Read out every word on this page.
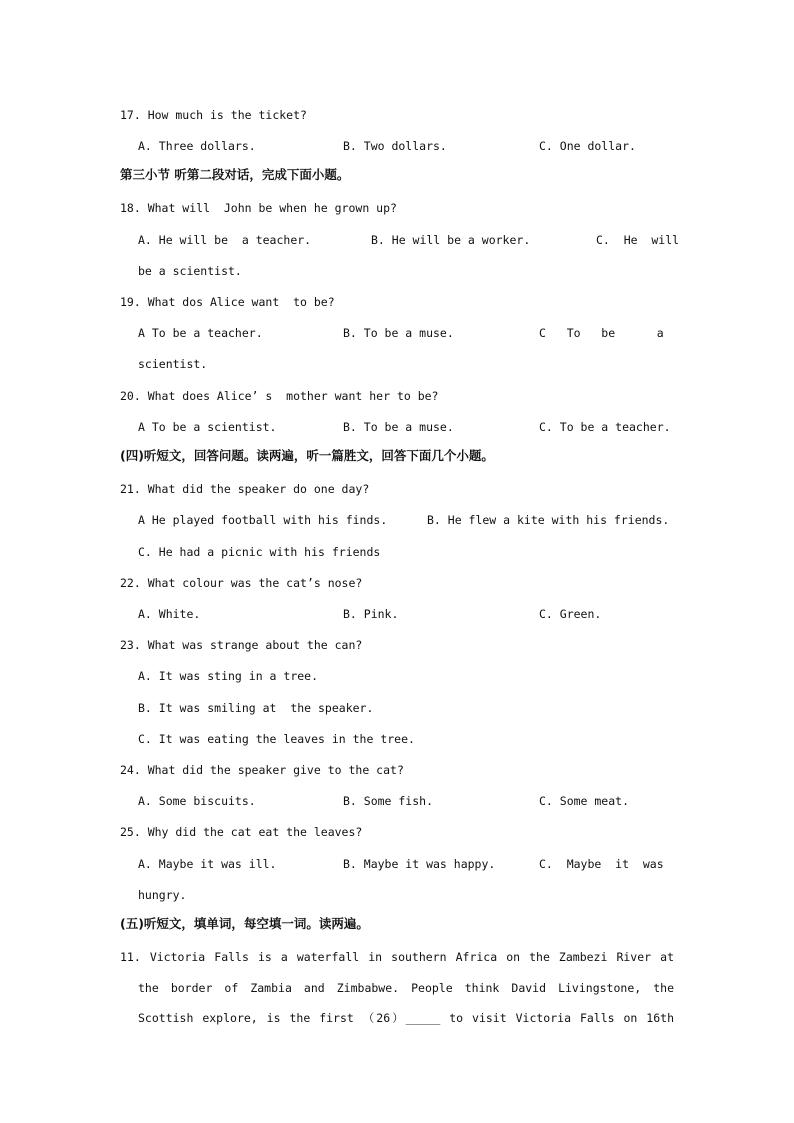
17. How much is the ticket?
A. Three dollars.	B. Two dollars.	C. One dollar.
第三小节 听第二段对话，完成下面小题。
18. What will  John be when he grown up?
A. He will be  a teacher.	B. He will be a worker.	C.  He  will
be a scientist.
19. What dos Alice want  to be?
A To be a teacher.	B. To be a muse.	C   To   be      a
scientist.
20. What does Alice’ s  mother want her to be?
A To be a scientist.	B. To be a muse.	C. To be a teacher.
(四)听短文，回答问题。读两遍，听一篇胜文，回答下面几个小题。
21. What did the speaker do one day?
A He played football with his finds.	B. He flew a kite with his friends.
C. He had a picnic with his friends
22. What colour was the cat’s nose?
A. White.	B. Pink.	C. Green.
23. What was strange about the can?
A. It was sting in a tree.
B. It was smiling at  the speaker.
C. It was eating the leaves in the tree.
24. What did the speaker give to the cat?
A. Some biscuits.	B. Some fish.	C. Some meat.
25. Why did the cat eat the leaves?
A. Maybe it was ill.	B. Maybe it was happy.	C.  Maybe  it  was
hungry.
(五)听短文，填单词，每空填一词。读两遍。
11. Victoria Falls is a waterfall in southern Africa on the Zambezi River at
the border of Zambia and Zimbabwe. People think David Livingstone, the
Scottish explore, is the first （26）_____ to visit Victoria Falls on 16th
